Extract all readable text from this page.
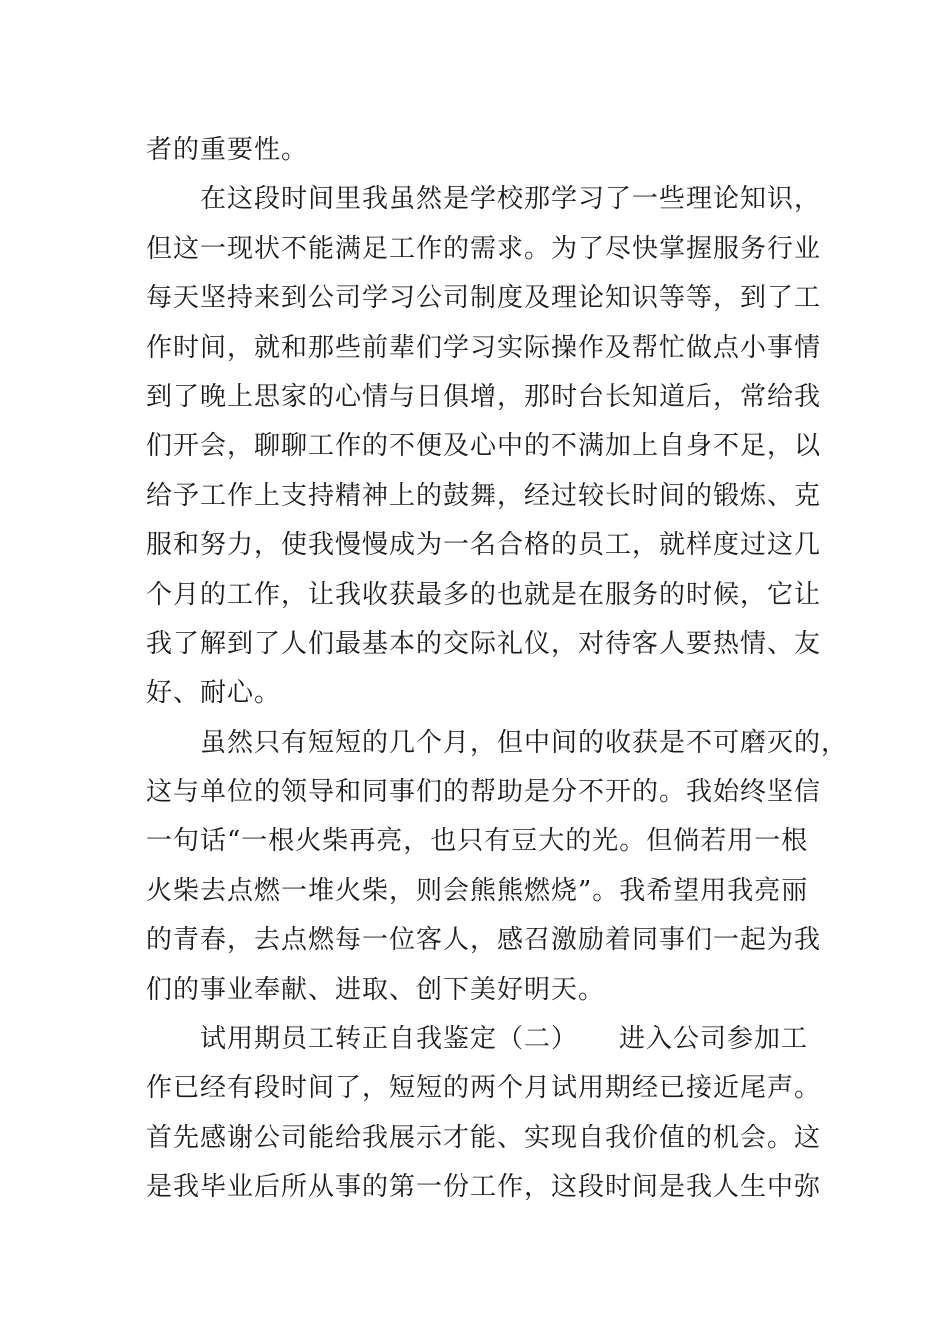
者的重要性。
在这段时间里我虽然是学校那学习了一些理论知识，
但这一现状不能满足工作的需求。为了尽快掌握服务行业
每天坚持来到公司学习公司制度及理论知识等等，到了工
作时间，就和那些前辈们学习实际操作及帮忙做点小事情
到了晚上思家的心情与日俱增，那时台长知道后，常给我
们开会，聊聊工作的不便及心中的不满加上自身不足，以
给予工作上支持精神上的鼓舞，经过较长时间的锻炼、克
服和努力，使我慢慢成为一名合格的员工，就样度过这几
个月的工作，让我收获最多的也就是在服务的时候，它让
我了解到了人们最基本的交际礼仪，对待客人要热情、友
好、耐心。
虽然只有短短的几个月，但中间的收获是不可磨灭的，
这与单位的领导和同事们的帮助是分不开的。我始终坚信
一句话“一根火柴再亮，也只有豆大的光。但倘若用一根
火柴去点燃一堆火柴，则会熊熊燃烧”。我希望用我亮丽
的青春，去点燃每一位客人，感召激励着同事们一起为我
们的事业奉献、进取、创下美好明天。
试用期员工转正自我鉴定（二）　　进入公司参加工
作已经有段时间了，短短的两个月试用期经已接近尾声。
首先感谢公司能给我展示才能、实现自我价值的机会。这
是我毕业后所从事的第一份工作，这段时间是我人生中弥
